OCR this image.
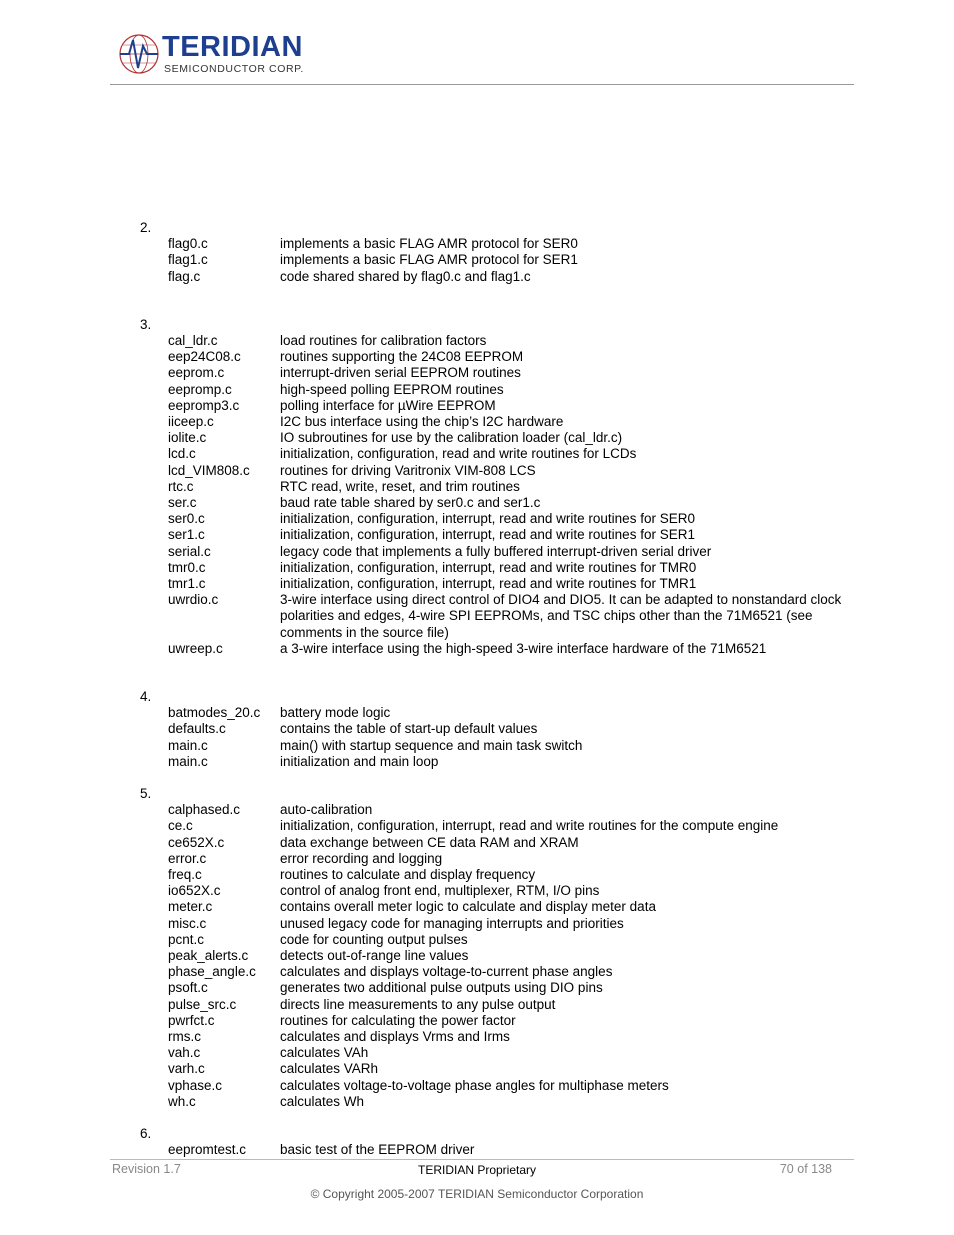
TERIDIAN
SEMICONDUCTOR CORP.
2.
flag0.c	implements a basic FLAG AMR protocol for SER0
flag1.c	implements a basic FLAG AMR protocol for SER1
flag.c	code shared shared by flag0.c and flag1.c
3.
cal_ldr.c	load routines for calibration factors
eep24C08.c	routines supporting the 24C08 EEPROM
eeprom.c	interrupt-driven serial EEPROM routines
eepromp.c	high-speed polling EEPROM routines
eepromp3.c	polling interface for µWire EEPROM
iiceep.c	I2C bus interface using the chip’s I2C hardware
iolite.c	IO subroutines for use by the calibration loader (cal_ldr.c)
lcd.c	initialization, configuration, read and write routines for LCDs
lcd_VIM808.c	routines for driving Varitronix VIM-808 LCS
rtc.c	RTC read, write, reset, and trim routines
ser.c	baud rate table shared by ser0.c and ser1.c
ser0.c	initialization, configuration, interrupt, read and write routines for SER0
ser1.c	initialization, configuration, interrupt, read and write routines for SER1
serial.c	legacy code that implements a fully buffered interrupt-driven serial driver
tmr0.c	initialization, configuration, interrupt, read and write routines for TMR0
tmr1.c	initialization, configuration, interrupt, read and write routines for TMR1
uwrdio.c	3-wire interface using direct control of DIO4 and DIO5. It can be adapted to nonstandard clock polarities and edges, 4-wire SPI EEPROMs, and TSC chips other than the 71M6521 (see comments in the source file)
uwreep.c	a 3-wire interface using the high-speed 3-wire interface hardware of the 71M6521
4.
batmodes_20.c	battery mode logic
defaults.c	contains the table of start-up default values
main.c	main() with startup sequence and main task switch
main.c	initialization and main loop
5.
calphased.c	auto-calibration
ce.c	initialization, configuration, interrupt, read and write routines for the compute engine
ce652X.c	data exchange between CE data RAM and XRAM
error.c	error recording and logging
freq.c	routines to calculate and display frequency
io652X.c	control of analog front end, multiplexer, RTM, I/O pins
meter.c	contains overall meter logic to calculate and display meter data
misc.c	unused legacy code for managing interrupts and priorities
pcnt.c	code for counting output pulses
peak_alerts.c	detects out-of-range line values
phase_angle.c	calculates and displays voltage-to-current phase angles
psoft.c	generates two additional pulse outputs using DIO pins
pulse_src.c	directs line measurements to any pulse output
pwrfct.c	routines for calculating the power factor
rms.c	calculates and displays Vrms and Irms
vah.c	calculates VAh
varh.c	calculates VARh
vphase.c	calculates voltage-to-voltage phase angles for multiphase meters
wh.c	calculates Wh
6.
eepromtest.c	basic test of the EEPROM driver
Revision 1.7	TERIDIAN Proprietary	70 of 138
© Copyright 2005-2007 TERIDIAN Semiconductor Corporation
